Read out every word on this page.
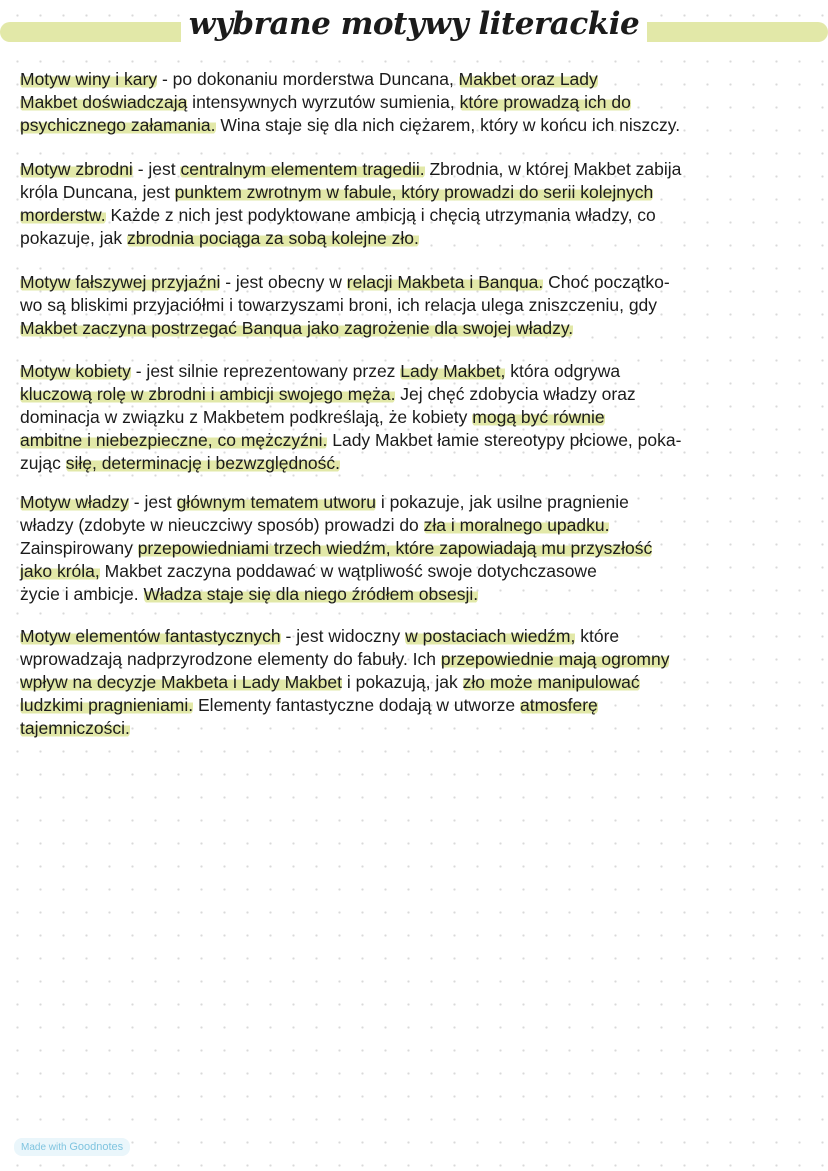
wybrane motywy literackie
Motyw winy i kary - po dokonaniu morderstwa Duncana, Makbet oraz Lady
Makbet doświadczają intensywnych wyrzutów sumienia, które prowadzą ich do
psychicznego załamania. Wina staje się dla nich ciężarem, który w końcu ich niszczy.
Motyw zbrodni - jest centralnym elementem tragedii. Zbrodnia, w której Makbet zabija
króla Duncana, jest punktem zwrotnym w fabule, który prowadzi do serii kolejnych
morderstw. Każde z nich jest podyktowane ambicją i chęcią utrzymania władzy, co
pokazuje, jak zbrodnia pociąga za sobą kolejne zło.
Motyw fałszywej przyjaźni - jest obecny w relacji Makbeta i Banqua. Choć początko-
wo są bliskimi przyjaciółmi i towarzyszami broni, ich relacja ulega zniszczeniu, gdy
Makbet zaczyna postrzegać Banqua jako zagrożenie dla swojej władzy.
Motyw kobiety - jest silnie reprezentowany przez Lady Makbet, która odgrywa
kluczową rolę w zbrodni i ambicji swojego męża. Jej chęć zdobycia władzy oraz
dominacja w związku z Makbetem podkreślają, że kobiety mogą być równie
ambitne i niebezpieczne, co mężczyźni. Lady Makbet łamie stereotypy płciowe, poka-
zując siłę, determinację i bezwzględność.
Motyw władzy - jest głównym tematem utworu i pokazuje, jak usilne pragnienie
władzy (zdobyte w nieuczciwy sposób) prowadzi do zła i moralnego upadku.
Zainspirowany przepowiedniami trzech wiedźm, które zapowiadają mu przyszłość
jako króla, Makbet zaczyna poddawać w wątpliwość swoje dotychczasowe
życie i ambicje. Władza staje się dla niego źródłem obsesji.
Motyw elementów fantastycznych - jest widoczny w postaciach wiedźm, które
wprowadzają nadprzyrodzone elementy do fabuły. Ich przepowiednie mają ogromny
wpływ na decyzje Makbeta i Lady Makbet i pokazują, jak zło może manipulować
ludzkimi pragnieniami. Elementy fantastyczne dodają w utworze atmosferę
tajemniczości.
Made with Goodnotes
